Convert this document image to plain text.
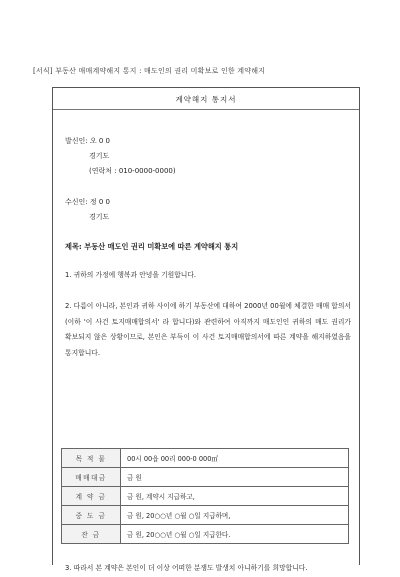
[서식] 부동산 매매계약해지 통지 : 매도인의 권리 미확보로 인한 계약해지
계약해지 통지서
발신인: 오 0 0
경기도
(연락처 : 010-0000-0000)
수신인: 정 0 0
경기도
제목: 부동산 매도인 권리 미확보에 따른 계약해지 통지
1. 귀하의 가정에 행복과 안녕을 기원합니다.
2. 다름이 아니라, 본인과 귀하 사이에 하기 부동산에 대하여 2000년 00월에 체결한 매매 합의서 (이하 '이 사건 토지매매합의서' 라 합니다)와 관련하여 아직까지 매도인인 귀하의 매도 권리가 확보되지 않은 상황이므로, 본인은 부득이 이 사건 토지매매합의서에 따른 계약을 해지하였음을 통지합니다.
목 적 물	00시 00읍 00리 000-0 000㎡
매매대금	금 원
계 약 금	금 원, 계약시 지급하고,
중 도 금	금 원, 20○○년 ○월 ○일 지급하며,
잔 금	금 원, 20○○년 ○월 ○일 지급한다.
3. 따라서 본 계약은 본인이 더 이상 어떠한 분쟁도 발생치 아니하기를 희망합니다.
